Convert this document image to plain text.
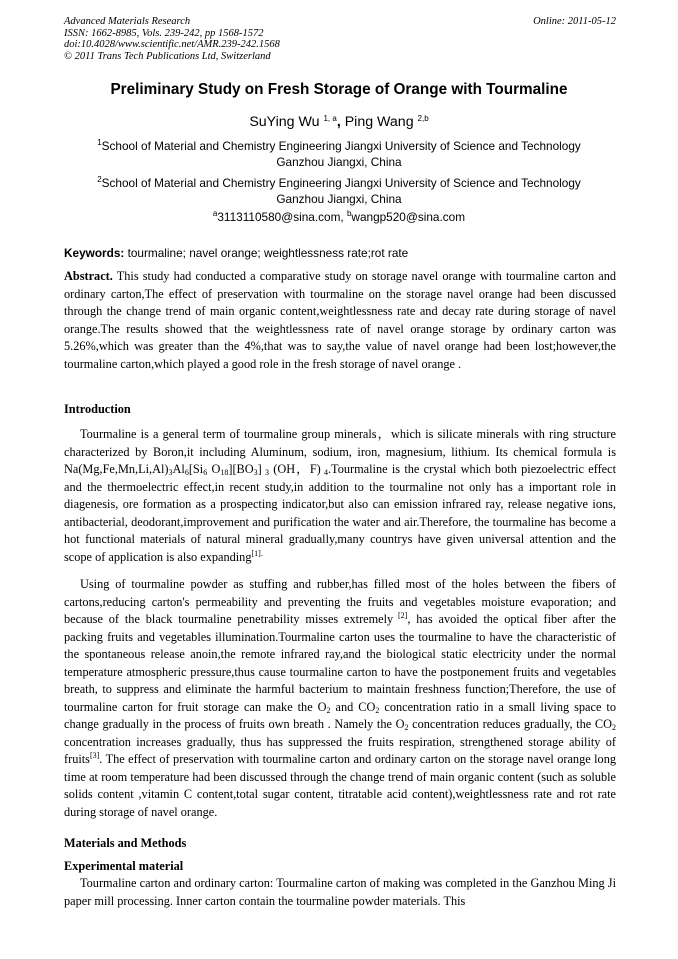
Advanced Materials Research
ISSN: 1662-8985, Vols. 239-242, pp 1568-1572
doi:10.4028/www.scientific.net/AMR.239-242.1568
© 2011 Trans Tech Publications Ltd, Switzerland
Online: 2011-05-12
Preliminary Study on Fresh Storage of Orange with Tourmaline
SuYing Wu $^{1, a}$, Ping Wang $^{2,b}$
$^1$School of Material and Chemistry Engineering Jiangxi University of Science and Technology
Ganzhou Jiangxi, China
$^2$School of Material and Chemistry Engineering Jiangxi University of Science and Technology
Ganzhou Jiangxi, China
$^a$3113110580@sina.com, $^b$wangp520@sina.com
Keywords: tourmaline; navel orange; weightlessness rate;rot rate
Abstract. This study had conducted a comparative study on storage navel orange with tourmaline carton and ordinary carton,The effect of preservation with tourmaline on the storage navel orange had been discussed through the change trend of main organic content,weightlessness rate and decay rate during storage of navel orange.The results showed that the weightlessness rate of navel orange storage by ordinary carton was 5.26%,which was greater than the 4%,that was to say,the value of navel orange had been lost;however,the tourmaline carton,which played a good role in the fresh storage of navel orange .
Introduction
Tourmaline is a general term of tourmaline group minerals，which is silicate minerals with ring structure characterized by Boron,it including Aluminum, sodium, iron, magnesium, lithium. Its chemical formula is $Na(Mg,Fe,Mn,Li,Al)_3Al_6[Si_6$ $O_{18}][BO_3]$ $_3$ (OH，F) $_4$.Tourmaline is the crystal which both piezoelectric effect and the thermoelectric effect,in recent study,in addition to the tourmaline not only has a important role in diagenesis, ore formation as a prospecting indicator,but also can emission infrared ray, release negative ions, antibacterial, deodorant,improvement and purification the water and air.Therefore, the tourmaline has become a hot functional materials of natural mineral gradually,many countrys have given universal attention and the scope of application is also expanding$^{[1].}$
Using of tourmaline powder as stuffing and rubber,has filled most of the holes between the fibers of cartons,reducing carton's permeability and preventing the fruits and vegetables moisture evaporation; and because of the black tourmaline penetrability misses extremely [2], has avoided the optical fiber after the packing fruits and vegetables illumination.Tourmaline carton uses the tourmaline to have the characteristic of the spontaneous release anoin,the remote infrared ray,and the biological static electricity under the normal temperature atmospheric pressure,thus cause tourmaline carton to have the postponement fruits and vegetables breath, to suppress and eliminate the harmful bacterium to maintain freshness function;Therefore, the use of tourmaline carton for fruit storage can make the $O_2$ and $CO_2$ concentration ratio in a small living space to change gradually in the process of fruits own breath . Namely the $O_2$ concentration reduces gradually, the $CO_2$ concentration increases gradually, thus has suppressed the fruits respiration, strengthened storage ability of fruits[3]. The effect of preservation with tourmaline carton and ordinary carton on the storage navel orange long time at room temperature had been discussed through the change trend of main organic content (such as soluble solids content ,vitamin C content,total sugar content, titratable acid content),weightlessness rate and rot rate during storage of navel orange.
Materials and Methods
Experimental material
Tourmaline carton and ordinary carton: Tourmaline carton of making was completed in the Ganzhou Ming Ji paper mill processing. Inner carton contain the tourmaline powder materials. This
